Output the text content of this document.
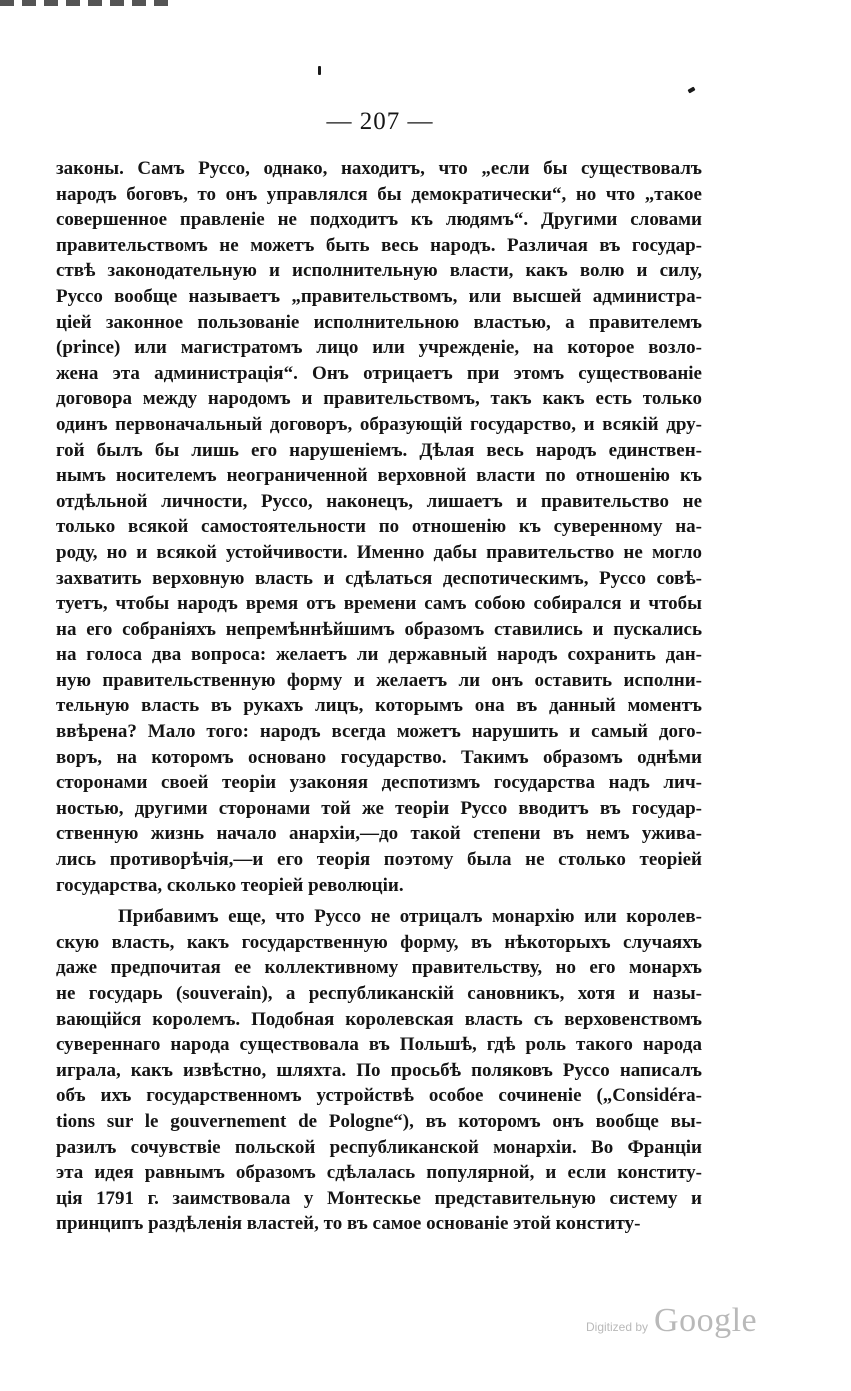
— 207 —
законы. Самъ Руссо, однако, находитъ, что „если бы существовалъ
народъ боговъ, то онъ управлялся бы демократически“, но что „такое
совершенное правленіе не подходитъ къ людямъ“. Другими словами
правительствомъ не можетъ быть весь народъ. Различая въ государ-
ствѣ законодательную и исполнительную власти, какъ волю и силу,
Руссо вообще называетъ „правительствомъ, или высшей администра-
ціей законное пользованіе исполнительною властью, а правителемъ
(prince) или магистратомъ лицо или учрежденіе, на которое возло-
жена эта администрація“. Онъ отрицаетъ при этомъ существованіе
договора между народомъ и правительствомъ, такъ какъ есть только
одинъ первоначальный договоръ, образующій государство, и всякій дру-
гой былъ бы лишь его нарушеніемъ. Дѣлая весь народъ единствен-
нымъ носителемъ неограниченной верховной власти по отношенію къ
отдѣльной личности, Руссо, наконецъ, лишаетъ и правительство не
только всякой самостоятельности по отношенію къ суверенному на-
роду, но и всякой устойчивости. Именно дабы правительство не могло
захватить верховную власть и сдѣлаться деспотическимъ, Руссо совѣ-
туетъ, чтобы народъ время отъ времени самъ собою собирался и чтобы
на его собраніяхъ непремѣннѣйшимъ образомъ ставились и пускались
на голоса два вопроса: желаетъ ли державный народъ сохранить дан-
ную правительственную форму и желаетъ ли онъ оставить исполни-
тельную власть въ рукахъ лицъ, которымъ она въ данный моментъ
ввѣрена? Мало того: народъ всегда можетъ нарушить и самый дого-
воръ, на которомъ основано государство. Такимъ образомъ однѣми
сторонами своей теоріи узаконяя деспотизмъ государства надъ лич-
ностью, другими сторонами той же теоріи Руссо вводитъ въ государ-
ственную жизнь начало анархіи,—до такой степени въ немъ уживa-
лись противорѣчія,—и его теорія поэтому была не столько теоріей
государства, сколько теоріей революціи.
Прибавимъ еще, что Руссо не отрицалъ монархію или королев-
скую власть, какъ государственную форму, въ нѣкоторыхъ случаяхъ
даже предпочитая ее коллективному правительству, но его монархъ
не государь (souverain), а республиканскій сановникъ, хотя и назы-
вающійся королемъ. Подобная королевская власть съ верховенствомъ
сувереннаго народа существовала въ Польшѣ, гдѣ роль такого народа
играла, какъ извѣстно, шляхта. По просьбѣ поляковъ Руссо написалъ
объ ихъ государственномъ устройствѣ особое сочиненіе („Considéra-
tions sur le gouvernement de Pologne“), въ которомъ онъ вообще вы-
разилъ сочувствіе польской республиканской монархіи. Во Франціи
эта идея равнымъ образомъ сдѣлалась популярной, и если конститу-
ція 1791 г. заимствовала у Монтескье представительную систему и
принципъ раздѣленія властей, то въ самое основаніе этой конститу-
Digitized by Google
